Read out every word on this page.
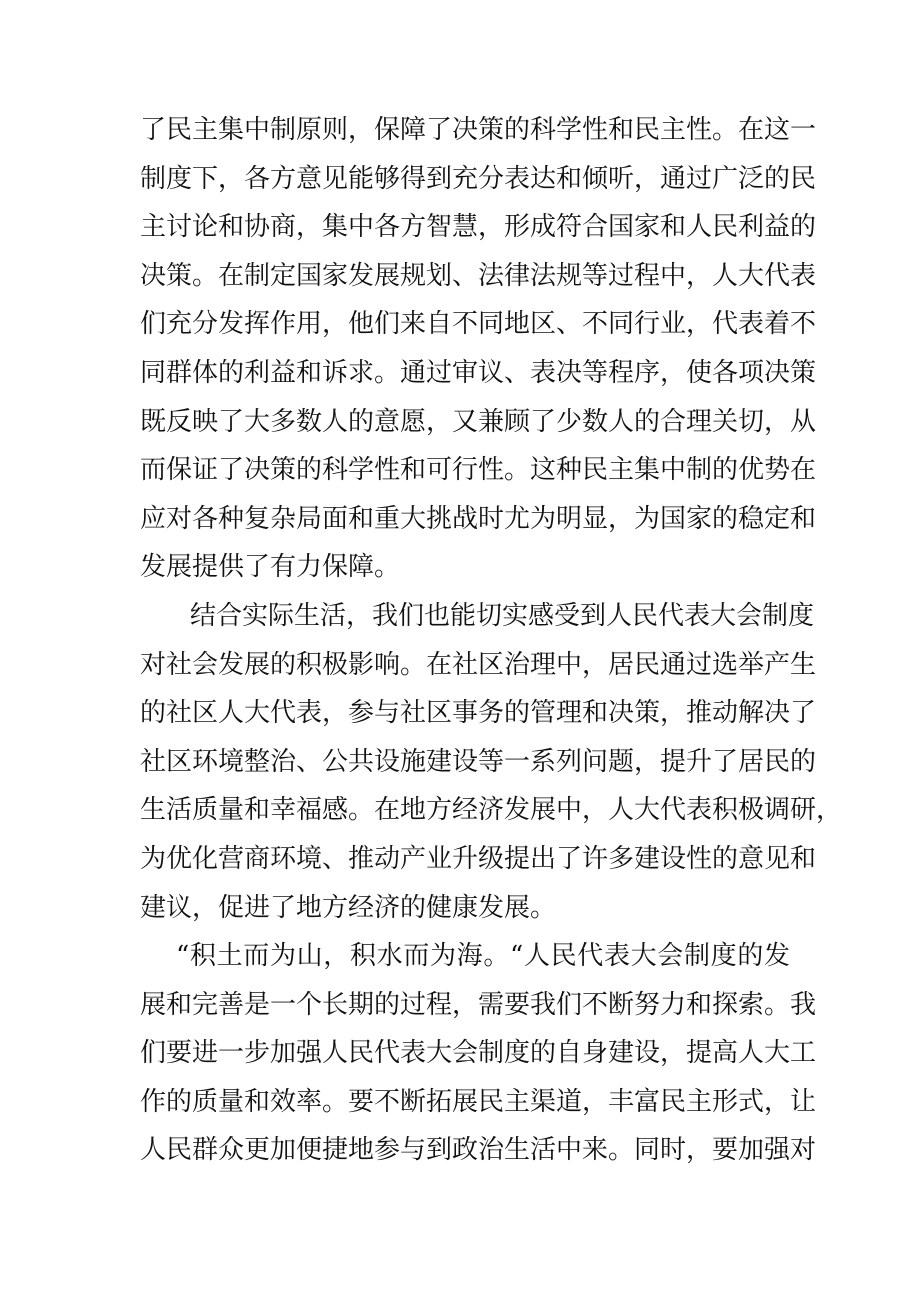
了民主集中制原则，保障了决策的科学性和民主性。在这一
制度下，各方意见能够得到充分表达和倾听，通过广泛的民
主讨论和协商，集中各方智慧，形成符合国家和人民利益的
决策。在制定国家发展规划、法律法规等过程中，人大代表
们充分发挥作用，他们来自不同地区、不同行业，代表着不
同群体的利益和诉求。通过审议、表决等程序，使各项决策
既反映了大多数人的意愿，又兼顾了少数人的合理关切，从
而保证了决策的科学性和可行性。这种民主集中制的优势在
应对各种复杂局面和重大挑战时尤为明显，为国家的稳定和
发展提供了有力保障。
结合实际生活，我们也能切实感受到人民代表大会制度
对社会发展的积极影响。在社区治理中，居民通过选举产生
的社区人大代表，参与社区事务的管理和决策，推动解决了
社区环境整治、公共设施建设等一系列问题，提升了居民的
生活质量和幸福感。在地方经济发展中，人大代表积极调研，
为优化营商环境、推动产业升级提出了许多建设性的意见和
建议，促进了地方经济的健康发展。
“积土而为山，积水而为海。“人民代表大会制度的发
展和完善是一个长期的过程，需要我们不断努力和探索。我
们要进一步加强人民代表大会制度的自身建设，提高人大工
作的质量和效率。要不断拓展民主渠道，丰富民主形式，让
人民群众更加便捷地参与到政治生活中来。同时，要加强对
